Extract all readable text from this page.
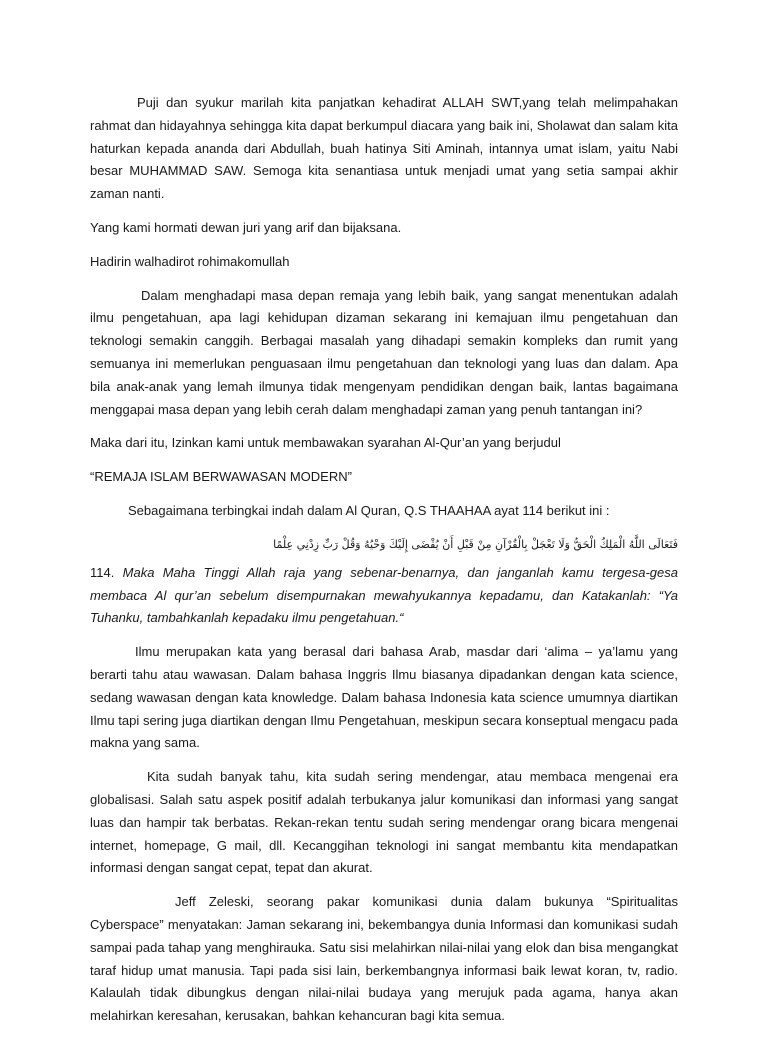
Puji dan syukur marilah kita panjatkan kehadirat ALLAH SWT,yang telah melimpahakan rahmat dan hidayahnya sehingga kita dapat berkumpul diacara yang baik ini, Sholawat dan salam kita haturkan kepada ananda dari Abdullah, buah hatinya Siti Aminah, intannya umat islam, yaitu Nabi besar MUHAMMAD SAW. Semoga kita senantiasa untuk menjadi umat yang setia sampai akhir zaman nanti.

Yang kami hormati dewan juri yang arif dan bijaksana.

Hadirin walhadirot rohimakomullah

Dalam menghadapi masa depan remaja yang lebih baik, yang sangat menentukan adalah ilmu pengetahuan, apa lagi kehidupan dizaman sekarang ini kemajuan ilmu pengetahuan dan teknologi semakin canggih. Berbagai masalah yang dihadapi semakin kompleks dan rumit yang semuanya ini memerlukan penguasaan ilmu pengetahuan dan teknologi yang luas dan dalam. Apa bila anak-anak yang lemah ilmunya tidak mengenyam pendidikan dengan baik, lantas bagaimana menggapai masa depan yang lebih cerah dalam menghadapi zaman yang penuh tantangan ini?

Maka dari itu, Izinkan kami untuk membawakan syarahan Al-Qur’an yang berjudul

“REMAJA ISLAM BERWAWASAN MODERN”

Sebagaimana terbingkai indah dalam Al Quran, Q.S THAAHAA ayat 114 berikut ini :

فَتَعَالَى اللَّهُ الْمَلِكُ الْحَقُّ وَلَا تَعْجَلْ بِالْقُرْآنِ مِنْ قَبْلِ أَنْ يُقْضَى إِلَيْكَ وَحْيُهُ وَقُلْ رَبِّ زِدْنِي عِلْمًا

114. Maka Maha Tinggi Allah raja yang sebenar-benarnya, dan janganlah kamu tergesa-gesa membaca Al qur’an sebelum disempurnakan mewahyukannya kepadamu, dan Katakanlah: “Ya Tuhanku, tambahkanlah kepadaku ilmu pengetahuan.“

Ilmu merupakan kata yang berasal dari bahasa Arab, masdar dari ‘alima – ya’lamu yang berarti tahu atau wawasan. Dalam bahasa Inggris Ilmu biasanya dipadankan dengan kata science, sedang wawasan dengan kata knowledge. Dalam bahasa Indonesia kata science umumnya diartikan Ilmu tapi sering juga diartikan dengan Ilmu Pengetahuan, meskipun secara konseptual mengacu pada makna yang sama.

Kita sudah banyak tahu, kita sudah sering mendengar, atau membaca mengenai era globalisasi. Salah satu aspek positif adalah terbukanya jalur komunikasi dan informasi yang sangat luas dan hampir tak berbatas. Rekan-rekan tentu sudah sering mendengar orang bicara mengenai internet, homepage, G mail, dll. Kecanggihan teknologi ini sangat membantu kita mendapatkan informasi dengan sangat cepat, tepat dan akurat.

Jeff Zeleski, seorang pakar komunikasi dunia dalam bukunya “Spiritualitas Cyberspace” menyatakan: Jaman sekarang ini, bekembangya dunia Informasi dan komunikasi sudah sampai pada tahap yang menghirauka. Satu sisi melahirkan nilai-nilai yang elok dan bisa mengangkat taraf hidup umat manusia. Tapi pada sisi lain, berkembangnya informasi baik lewat koran, tv, radio. Kalaulah tidak dibungkus dengan nilai-nilai budaya yang merujuk pada agama, hanya akan melahirkan keresahan, kerusakan, bahkan kehancuran bagi kita semua.
